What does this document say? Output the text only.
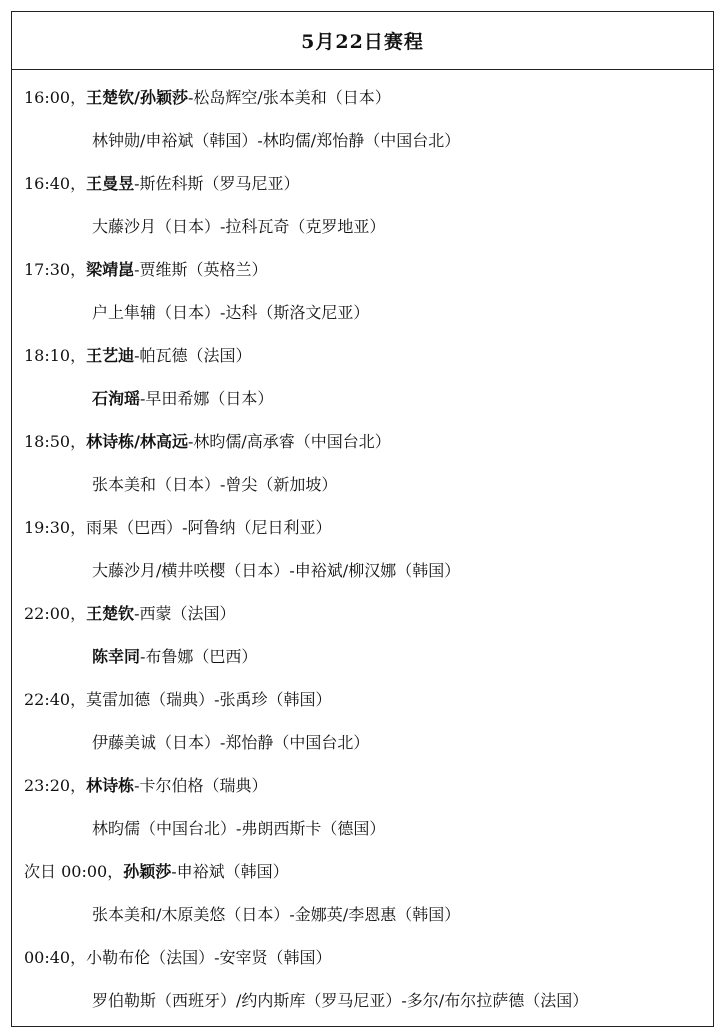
5月22日赛程
16:00，王楚钦/孙颖莎-松岛辉空/张本美和（日本）
林钟勋/申裕斌（韩国）-林昀儒/郑怡静（中国台北）
16:40，王曼昱-斯佐科斯（罗马尼亚）
大藤沙月（日本）-拉科瓦奇（克罗地亚）
17:30，梁靖崑-贾维斯（英格兰）
户上隼辅（日本）-达科（斯洛文尼亚）
18:10，王艺迪-帕瓦德（法国）
石洵瑶-早田希娜（日本）
18:50，林诗栋/林高远-林昀儒/高承睿（中国台北）
张本美和（日本）-曾尖（新加坡）
19:30，雨果（巴西）-阿鲁纳（尼日利亚）
大藤沙月/横井咲樱（日本）-申裕斌/柳汉娜（韩国）
22:00，王楚钦-西蒙（法国）
陈幸同-布鲁娜（巴西）
22:40，莫雷加德（瑞典）-张禹珍（韩国）
伊藤美诚（日本）-郑怡静（中国台北）
23:20，林诗栋-卡尔伯格（瑞典）
林昀儒（中国台北）-弗朗西斯卡（德国）
次日 00:00，孙颖莎-申裕斌（韩国）
张本美和/木原美悠（日本）-金娜英/李恩惠（韩国）
00:40，小勒布伦（法国）-安宰贤（韩国）
罗伯勒斯（西班牙）/约内斯库（罗马尼亚）-多尔/布尔拉萨德（法国）
